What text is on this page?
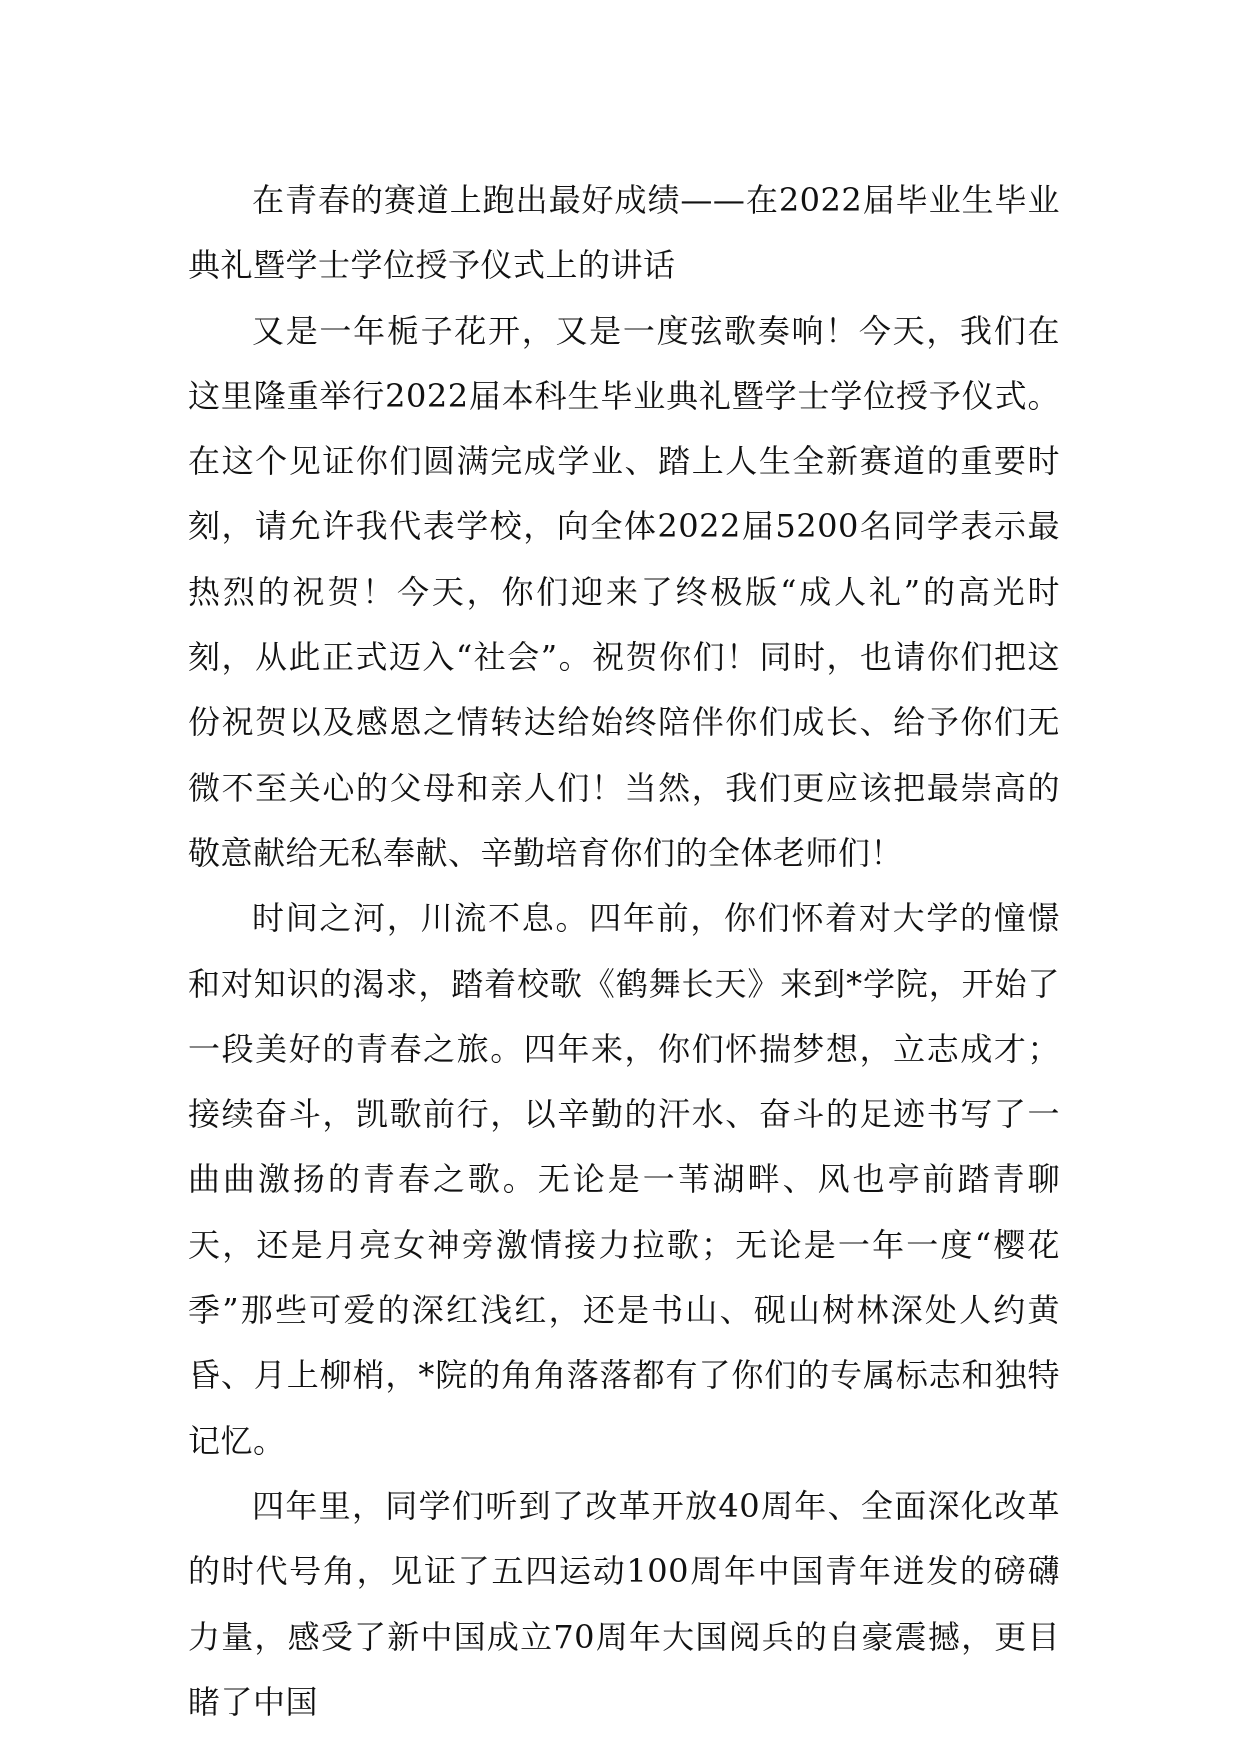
在青春的赛道上跑出最好成绩——在2022届毕业生毕业典礼暨学士学位授予仪式上的讲话

又是一年栀子花开，又是一度弦歌奏响！今天，我们在这里隆重举行2022届本科生毕业典礼暨学士学位授予仪式。在这个见证你们圆满完成学业、踏上人生全新赛道的重要时刻，请允许我代表学校，向全体2022届5200名同学表示最热烈的祝贺！今天，你们迎来了终极版“成人礼”的高光时刻，从此正式迈入“社会”。祝贺你们！同时，也请你们把这份祝贺以及感恩之情转达给始终陪伴你们成长、给予你们无微不至关心的父母和亲人们！当然，我们更应该把最崇高的敬意献给无私奉献、辛勤培育你们的全体老师们！

时间之河，川流不息。四年前，你们怀着对大学的憧憬和对知识的渴求，踏着校歌《鹤舞长天》来到*学院，开始了一段美好的青春之旅。四年来，你们怀揣梦想，立志成才；接续奋斗，凯歌前行，以辛勤的汗水、奋斗的足迹书写了一曲曲激扬的青春之歌。无论是一苇湖畔、风也亭前踏青聊天，还是月亮女神旁激情接力拉歌；无论是一年一度“樱花季”那些可爱的深红浅红，还是书山、砚山树林深处人约黄昏、月上柳梢，*院的角角落落都有了你们的专属标志和独特记忆。

四年里，同学们听到了改革开放40周年、全面深化改革的时代号角，见证了五四运动100周年中国青年迸发的磅礴力量，感受了新中国成立70周年大国阅兵的自豪震撼，更目睹了中国
